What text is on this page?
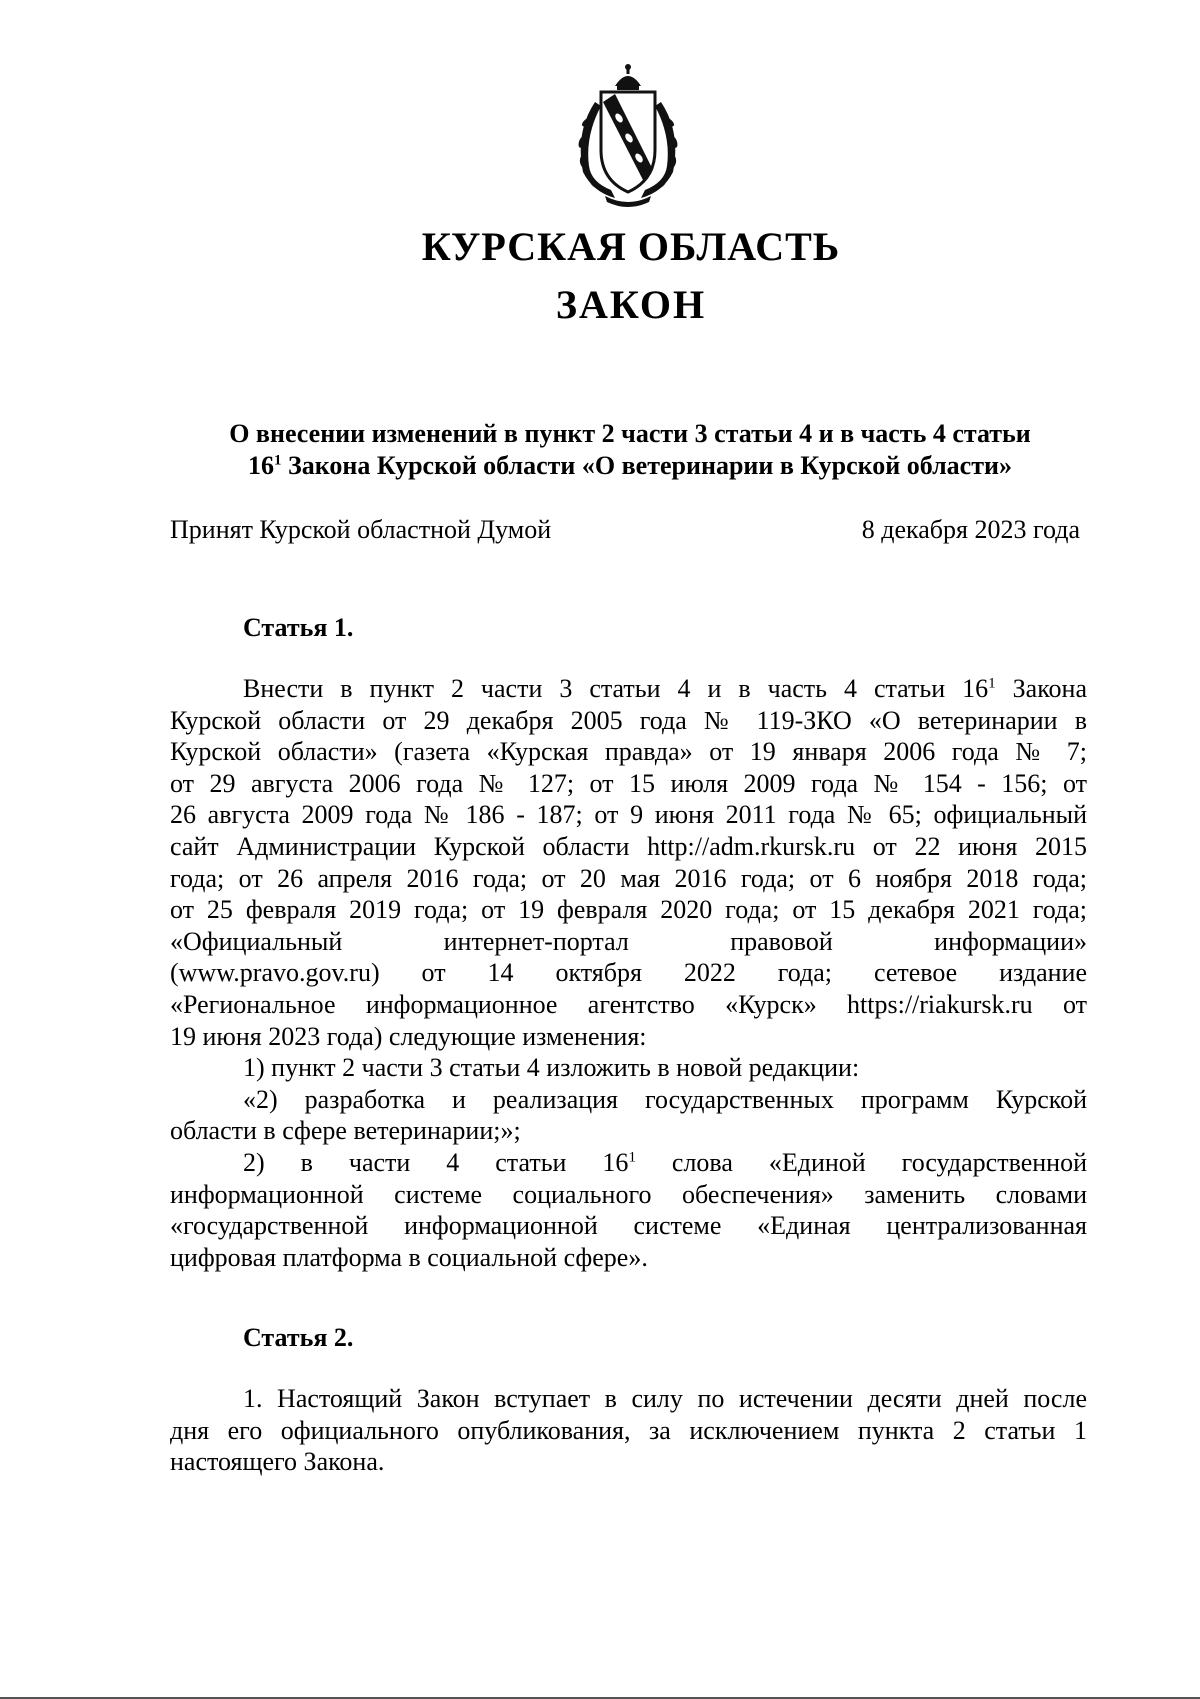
КУРСКАЯ ОБЛАСТЬ
ЗАКОН
О внесении изменений в пункт 2 части 3 статьи 4 и в часть 4 статьи
$16^1$ Закона Курской области «О ветеринарии в Курской области»
Принят Курской областной Думой	8 декабря 2023 года
Статья 1.
Внести в пункт 2 части 3 статьи 4 и в часть 4 статьи $16^1$ Закона
Курской области от 29 декабря 2005 года № 119-ЗКО «О ветеринарии в
Курской области» (газета «Курская правда» от 19 января 2006 года № 7;
от 29 августа 2006 года № 127; от 15 июля 2009 года № 154 - 156; от
26 августа 2009 года № 186 - 187; от 9 июня 2011 года № 65; официальный
сайт Администрации Курской области http://adm.rkursk.ru от 22 июня 2015
года; от 26 апреля 2016 года; от 20 мая 2016 года; от 6 ноября 2018 года;
от 25 февраля 2019 года; от 19 февраля 2020 года; от 15 декабря 2021 года;
«Официальный интернет-портал правовой информации»
(www.pravo.gov.ru) от 14 октября 2022 года; сетевое издание
«Региональное информационное агентство «Курск» https://riakursk.ru от
19 июня 2023 года) следующие изменения:
1) пункт 2 части 3 статьи 4 изложить в новой редакции:
«2) разработка и реализация государственных программ Курской
области в сфере ветеринарии;»;
2) в части 4 статьи $16^1$ слова «Единой государственной
информационной системе социального обеспечения» заменить словами
«государственной информационной системе «Единая централизованная
цифровая платформа в социальной сфере».
Статья 2.
1. Настоящий Закон вступает в силу по истечении десяти дней после
дня его официального опубликования, за исключением пункта 2 статьи 1
настоящего Закона.
